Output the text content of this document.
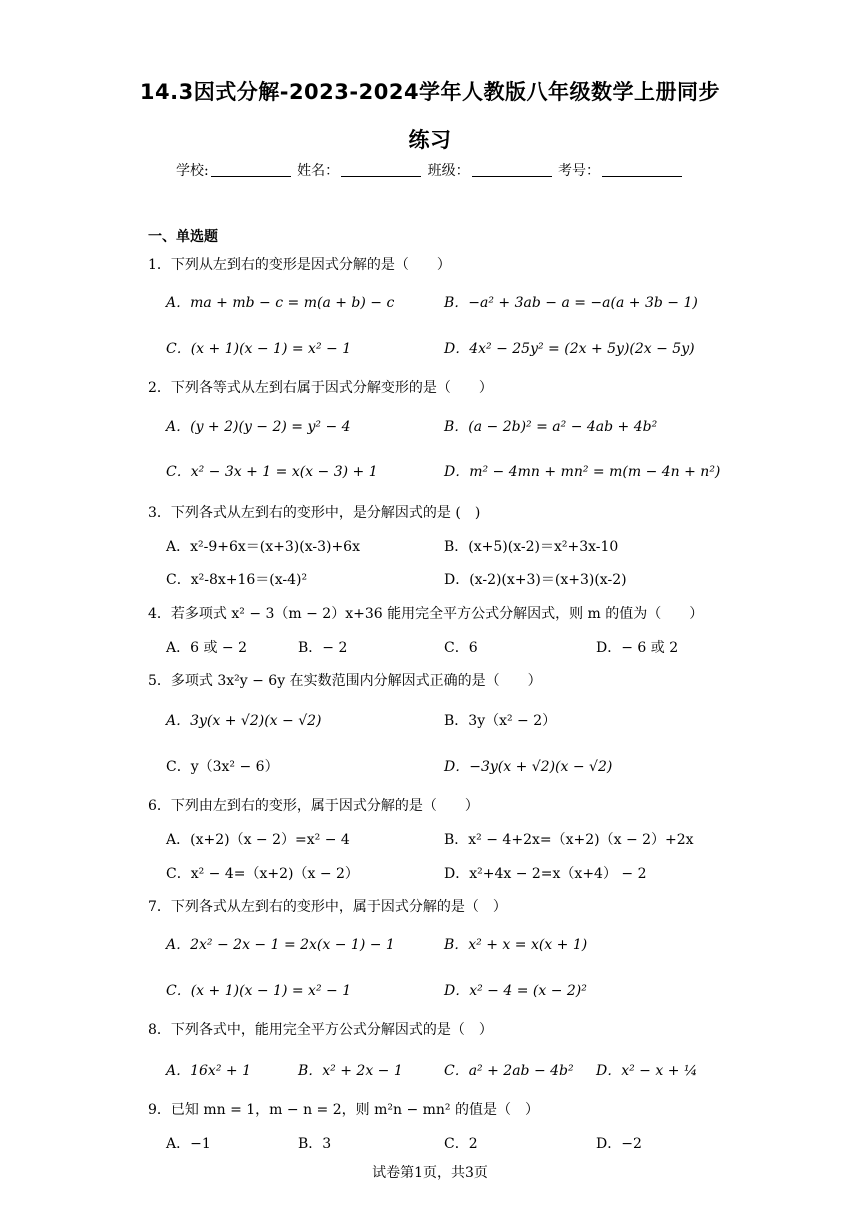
14.3因式分解-2023-2024学年人教版八年级数学上册同步
练习
学校:	姓名：	班级：	考号：
一、单选题
1．下列从左到右的变形是因式分解的是（　　）
A．ma + mb − c = m(a + b) − c	B．−a² + 3ab − a = −a(a + 3b − 1)
C．(x + 1)(x − 1) = x² − 1	D．4x² − 25y² = (2x + 5y)(2x − 5y)
2．下列各等式从左到右属于因式分解变形的是（　　）
A．(y + 2)(y − 2) = y² − 4	B．(a − 2b)² = a² − 4ab + 4b²
C．x² − 3x + 1 = x(x − 3) + 1	D．m² − 4mn + mn² = m(m − 4n + n²)
3．下列各式从左到右的变形中，是分解因式的是 (　)
A．x²-9+6x＝(x+3)(x-3)+6x	B．(x+5)(x-2)＝x²+3x-10
C．x²-8x+16＝(x-4)²	D．(x-2)(x+3)＝(x+3)(x-2)
4．若多项式 x² − 3（m − 2）x+36 能用完全平方公式分解因式，则 m 的值为（　　）
A．6 或 − 2	B．− 2	C．6	D．− 6 或 2
5．多项式 3x²y − 6y 在实数范围内分解因式正确的是（　　）
A．3y(x + √2)(x − √2)	B．3y（x² − 2）
C．y（3x² − 6）	D．−3y(x + √2)(x − √2)
6．下列由左到右的变形，属于因式分解的是（　　）
A．(x+2)（x − 2）=x² − 4	B．x² − 4+2x=（x+2)（x − 2）+2x
C．x² − 4=（x+2)（x − 2）	D．x²+4x − 2=x（x+4） − 2
7．下列各式从左到右的变形中，属于因式分解的是（　）
A．2x² − 2x − 1 = 2x(x − 1) − 1	B．x² + x = x(x + 1)
C．(x + 1)(x − 1) = x² − 1	D．x² − 4 = (x − 2)²
8．下列各式中，能用完全平方公式分解因式的是（　）
A．16x² + 1	B．x² + 2x − 1	C．a² + 2ab − 4b² D．x² − x + ¼
9．已知 mn = 1，m − n = 2，则 m²n − mn² 的值是（　）
A．−1	B．3	C．2	D．−2
试卷第1页，共3页
